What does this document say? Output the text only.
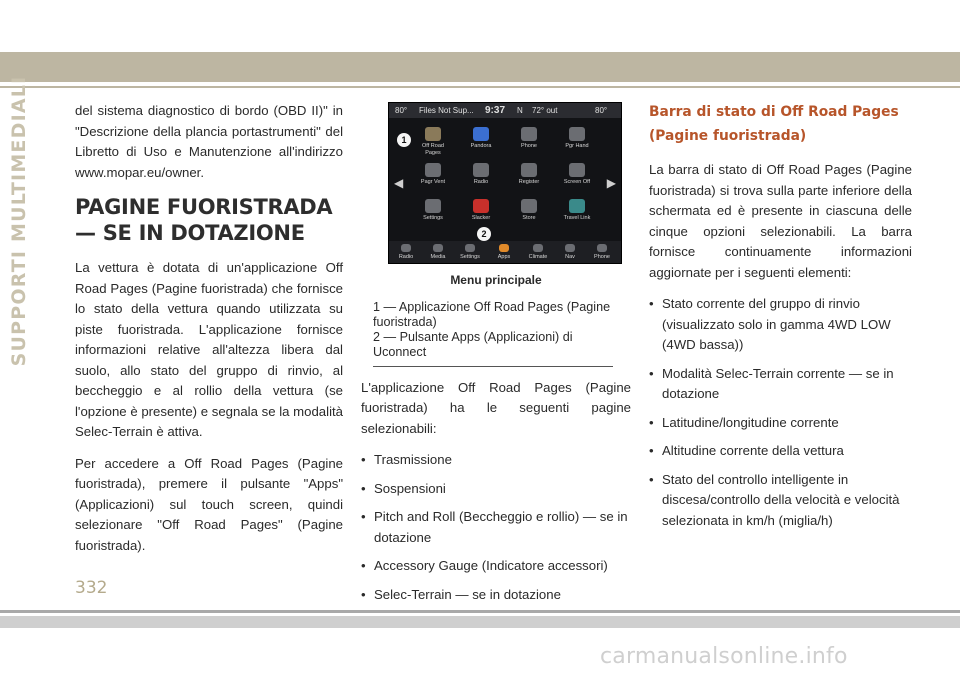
SUPPORTI MULTIMEDIALI	del sistema diagnostico di bordo (OBD II)" in "Descrizione della plancia portastrumenti" del Libretto di Uso e Manutenzione all'indirizzo www.mopar.eu/owner.

PAGINE FUORISTRADA — SE IN DOTAZIONE

La vettura è dotata di un'applicazione Off Road Pages (Pagine fuoristrada) che fornisce lo stato della vettura quando utilizzata su piste fuoristrada. L'applicazione fornisce informazioni relative all'altezza libera dal suolo, allo stato del gruppo di rinvio, al beccheggio e al rollio della vettura (se l'opzione è presente) e segnala se la modalità Selec-Terrain è attiva.

Per accedere a Off Road Pages (Pagine fuoristrada), premere il pulsante "Apps" (Applicazioni) sul touch screen, quindi selezionare "Off Road Pages" (Pagine fuoristrada).

80° Files Not Sup... 9:37 N 72° out	80°
◀	▶
Off Road Pages
Pandora	Phone	Pgr Hand
Pagr Vent	Radio	Register	Screen Off
Settings	Slacker	Store	Travel Link
Radio	Media	Settings	Apps	Climate	Nav	Phone
1
2
Menu principale
1 — Applicazione Off Road Pages (Pagine fuoristrada)
2 — Pulsante Apps (Applicazioni) di Uconnect

L'applicazione Off Road Pages (Pagine fuoristrada) ha le seguenti pagine selezionabili:

• Trasmissione
• Sospensioni
• Pitch and Roll (Beccheggio e rollio) — se in dotazione
• Accessory Gauge (Indicatore accessori)
• Selec-Terrain — se in dotazione
Barra di stato di Off Road Pages (Pagine fuoristrada)

La barra di stato di Off Road Pages (Pagine fuoristrada) si trova sulla parte inferiore della schermata ed è presente in ciascuna delle cinque opzioni selezionabili. La barra fornisce continuamente informazioni aggiornate per i seguenti elementi:

• Stato corrente del gruppo di rinvio (visualizzato solo in gamma 4WD LOW (4WD bassa))
• Modalità Selec-Terrain corrente — se in dotazione
• Latitudine/longitudine corrente
• Altitudine corrente della vettura
• Stato del controllo intelligente in discesa/controllo della velocità e velocità selezionata in km/h (miglia/h)
332
carmanualsonline.info
